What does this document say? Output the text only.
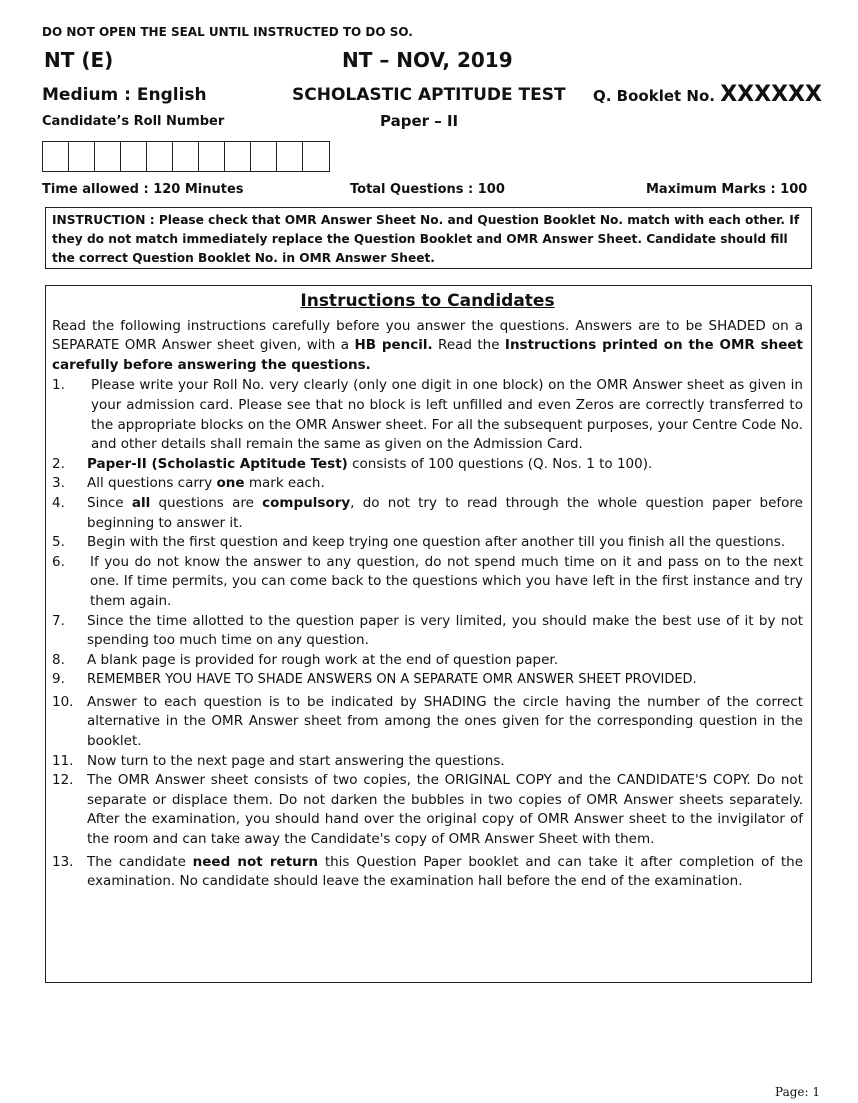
DO NOT OPEN THE SEAL UNTIL INSTRUCTED TO DO SO.
NT (E)	NT – NOV, 2019
Medium : English	SCHOLASTIC APTITUDE TEST Q. Booklet No. XXXXXX
Candidate’s Roll Number	Paper – II
Time allowed : 120 Minutes	Total Questions : 100	Maximum Marks : 100
INSTRUCTION : Please check that OMR Answer Sheet No. and Question Booklet No. match with each other. If they do not match immediately replace the Question Booklet and OMR Answer Sheet. Candidate should fill the correct Question Booklet No. in OMR Answer Sheet.
Instructions to Candidates

Read the following instructions carefully before you answer the questions. Answers are to be SHADED on a SEPARATE OMR Answer sheet given, with a HB pencil. Read the Instructions printed on the OMR sheet carefully before answering the questions.

1.	Please write your Roll No. very clearly (only one digit in one block) on the OMR Answer sheet as given in your admission card. Please see that no block is left unfilled and even Zeros are correctly transferred to the appropriate blocks on the OMR Answer sheet. For all the subsequent purposes, your Centre Code No. and other details shall remain the same as given on the Admission Card.
2.	Paper-II (Scholastic Aptitude Test) consists of 100 questions (Q. Nos. 1 to 100).
3.	All questions carry one mark each.
4.	Since all questions are compulsory, do not try to read through the whole question paper before beginning to answer it.
5.	Begin with the first question and keep trying one question after another till you finish all the questions.
6.	If you do not know the answer to any question, do not spend much time on it and pass on to the next one. If time permits, you can come back to the questions which you have left in the first instance and try them again.
7.	Since the time allotted to the question paper is very limited, you should make the best use of it by not spending too much time on any question.
8.	A blank page is provided for rough work at the end of question paper.
9.	REMEMBER YOU HAVE TO SHADE ANSWERS ON A SEPARATE OMR ANSWER SHEET PROVIDED.
10.	Answer to each question is to be indicated by SHADING the circle having the number of the correct alternative in the OMR Answer sheet from among the ones given for the corresponding question in the booklet.
11.	Now turn to the next page and start answering the questions.
12.	The OMR Answer sheet consists of two copies, the ORIGINAL COPY and the CANDIDATE'S COPY. Do not separate or displace them. Do not darken the bubbles in two copies of OMR Answer sheets separately. After the examination, you should hand over the original copy of OMR Answer sheet to the invigilator of the room and can take away the Candidate's copy of OMR Answer Sheet with them.
13.	The candidate need not return this Question Paper booklet and can take it after completion of the examination. No candidate should leave the examination hall before the end of the examination.
Page: 1
